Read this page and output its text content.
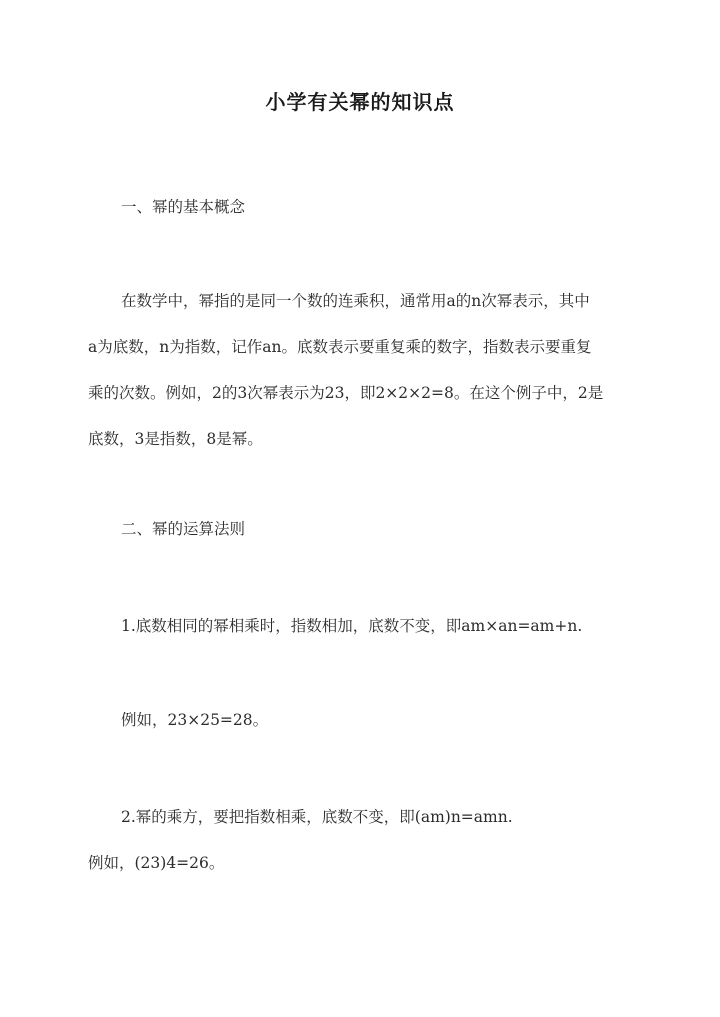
小学有关幂的知识点
一、幂的基本概念
在数学中，幂指的是同一个数的连乘积，通常用a的n次幂表示，其中
a为底数，n为指数，记作an。底数表示要重复乘的数字，指数表示要重复
乘的次数。例如，2的3次幂表示为23，即2×2×2=8。在这个例子中，2是
底数，3是指数，8是幂。
二、幂的运算法则
1.底数相同的幂相乘时，指数相加，底数不变，即am×an=am+n.
例如，23×25=28。
2.幂的乘方，要把指数相乘，底数不变，即(am)n=amn.
例如，(23)4=26。
